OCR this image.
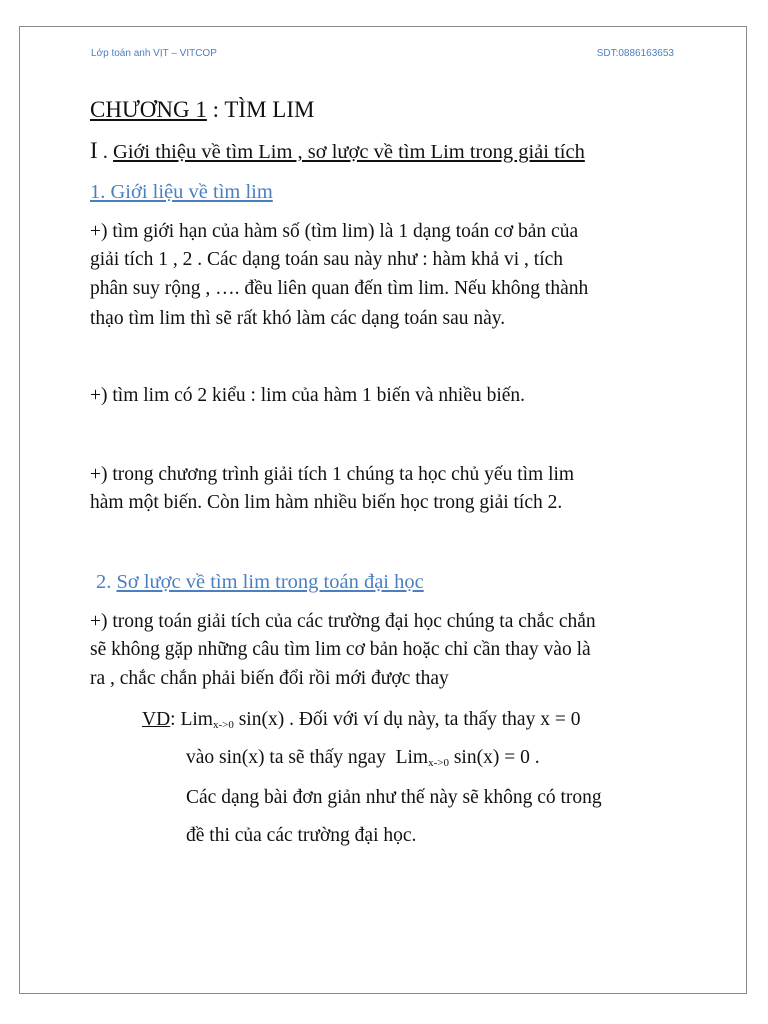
Lớp toán anh VỊT – VITCOP	SDT:0886163653
CHƯƠNG 1 : TÌM LIM
I . Giới thiệu về tìm Lim , sơ lược về tìm Lim trong giải tích
1. Giới liệu về tìm lim
+) tìm giới hạn của hàm số (tìm lim) là 1 dạng toán cơ bản của
giải tích 1 , 2 . Các dạng toán sau này như : hàm khả vi , tích
phân suy rộng , …. đều liên quan đến tìm lim. Nếu không thành
thạo tìm lim thì sẽ rất khó làm các dạng toán sau này.
+) tìm lim có 2 kiểu : lim của hàm 1 biến và nhiều biến.
+) trong chương trình giải tích 1 chúng ta học chủ yếu tìm lim
hàm một biến. Còn lim hàm nhiều biến học trong giải tích 2.
2. Sơ lược về tìm lim trong toán đại học
+) trong toán giải tích của các trường đại học chúng ta chắc chắn
sẽ không gặp những câu tìm lim cơ bản hoặc chỉ cần thay vào là
ra , chắc chắn phải biến đổi rồi mới được thay
VD: Lim$_{x->0}$ sin(x) . Đối với ví dụ này, ta thấy thay x = 0
vào sin(x) ta sẽ thấy ngay  Lim$_{x->0}$ sin(x) = 0 .
Các dạng bài đơn giản như thế này sẽ không có trong
đề thi của các trường đại học.
